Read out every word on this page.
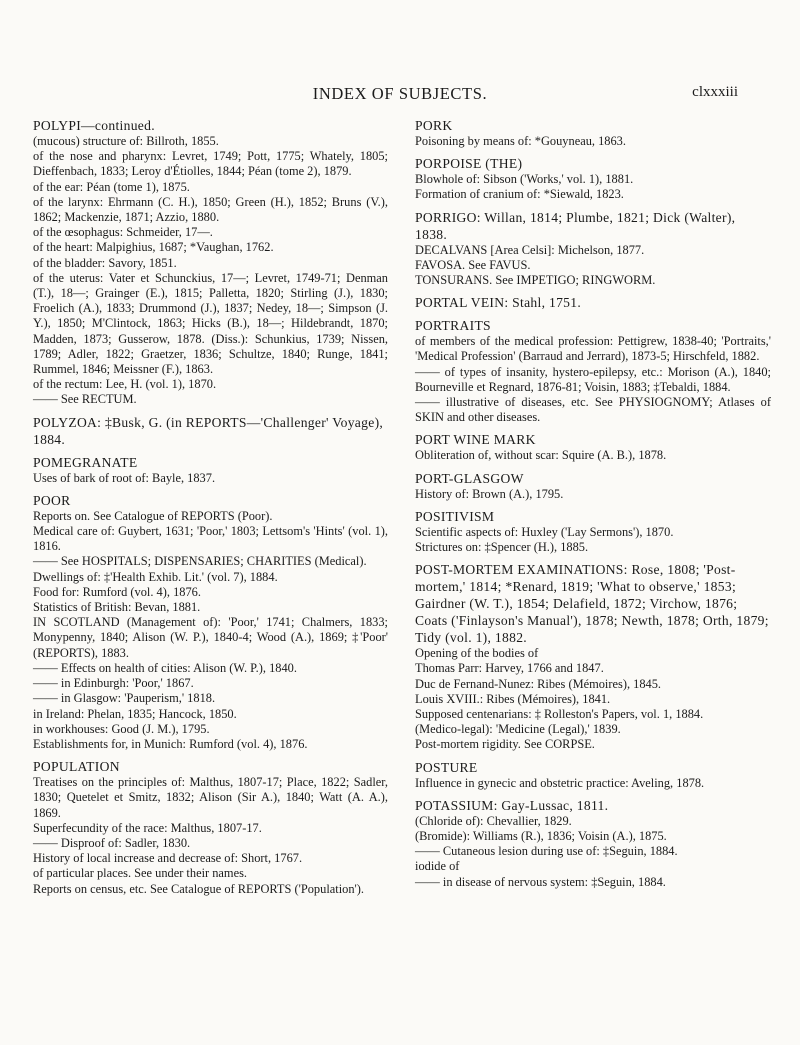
INDEX OF SUBJECTS.	clxxxiii
POLYPI—continued.
(mucous) structure of: Billroth, 1855.
of the nose and pharynx: Levret, 1749; Pott, 1775; Whately, 1805; Dieffenbach, 1833; Leroy d'Étiolles, 1844; Péan (tome 2), 1879.
of the ear: Péan (tome 1), 1875.
of the larynx: Ehrmann (C. H.), 1850; Green (H.), 1852; Bruns (V.), 1862; Mackenzie, 1871; Azzio, 1880.
of the œsophagus: Schmeider, 17—.
of the heart: Malpighius, 1687; *Vaughan, 1762.
of the bladder: Savory, 1851.
of the uterus: Vater et Schunckius, 17—; Levret, 1749-71; Denman (T.), 18—; Grainger (E.), 1815; Palletta, 1820; Stirling (J.), 1830; Froelich (A.), 1833; Drummond (J.), 1837; Nedey, 18—; Simpson (J. Y.), 1850; M'Clintock, 1863; Hicks (B.), 18—; Hildebrandt, 1870; Madden, 1873; Gusserow, 1878. (Diss.): Schunkius, 1739; Nissen, 1789; Adler, 1822; Graetzer, 1836; Schultze, 1840; Runge, 1841; Rummel, 1846; Meissner (F.), 1863.
of the rectum: Lee, H. (vol. 1), 1870.
—— See RECTUM.
POLYZOA: ‡Busk, G. (in REPORTS—'Challenger' Voyage), 1884.
POMEGRANATE
Uses of bark of root of: Bayle, 1837.
POOR
Reports on. See Catalogue of REPORTS (Poor).
Medical care of: Guybert, 1631; 'Poor,' 1803; Lettsom's 'Hints' (vol. 1), 1816.
—— See HOSPITALS; DISPENSARIES; CHARITIES (Medical).
Dwellings of: ‡'Health Exhib. Lit.' (vol. 7), 1884.
Food for: Rumford (vol. 4), 1876.
Statistics of British: Bevan, 1881.
IN SCOTLAND (Management of): 'Poor,' 1741; Chalmers, 1833; Monypenny, 1840; Alison (W. P.), 1840-4; Wood (A.), 1869; ‡'Poor' (REPORTS), 1883.
—— Effects on health of cities: Alison (W. P.), 1840.
—— in Edinburgh: 'Poor,' 1867.
—— in Glasgow: 'Pauperism,' 1818.
in Ireland: Phelan, 1835; Hancock, 1850.
in workhouses: Good (J. M.), 1795.
Establishments for, in Munich: Rumford (vol. 4), 1876.
POPULATION
Treatises on the principles of: Malthus, 1807-17; Place, 1822; Sadler, 1830; Quetelet et Smitz, 1832; Alison (Sir A.), 1840; Watt (A. A.), 1869.
Superfecundity of the race: Malthus, 1807-17.
—— Disproof of: Sadler, 1830.
History of local increase and decrease of: Short, 1767.
of particular places. See under their names.
Reports on census, etc. See Catalogue of REPORTS ('Population').
PORK
Poisoning by means of: *Gouyneau, 1863.
PORPOISE (THE)
Blowhole of: Sibson ('Works,' vol. 1), 1881.
Formation of cranium of: *Siewald, 1823.
PORRIGO: Willan, 1814; Plumbe, 1821; Dick (Walter), 1838.
DECALVANS [Area Celsi]: Michelson, 1877.
FAVOSA. See FAVUS.
TONSURANS. See IMPETIGO; RINGWORM.
PORTAL VEIN: Stahl, 1751.
PORTRAITS
of members of the medical profession: Pettigrew, 1838-40; 'Portraits,' 'Medical Profession' (Barraud and Jerrard), 1873-5; Hirschfeld, 1882.
—— of types of insanity, hystero-epilepsy, etc.: Morison (A.), 1840; Bourneville et Regnard, 1876-81; Voisin, 1883; ‡Tebaldi, 1884.
—— illustrative of diseases, etc. See PHYSIOGNOMY; Atlases of SKIN and other diseases.
PORT WINE MARK
Obliteration of, without scar: Squire (A. B.), 1878.
PORT-GLASGOW
History of: Brown (A.), 1795.
POSITIVISM
Scientific aspects of: Huxley ('Lay Sermons'), 1870.
Strictures on: ‡Spencer (H.), 1885.
POST-MORTEM EXAMINATIONS: Rose, 1808; 'Post-mortem,' 1814; *Renard, 1819; 'What to observe,' 1853; Gairdner (W. T.), 1854; Delafield, 1872; Virchow, 1876; Coats ('Finlayson's Manual'), 1878; Newth, 1878; Orth, 1879; Tidy (vol. 1), 1882.
Opening of the bodies of
Thomas Parr: Harvey, 1766 and 1847.
Duc de Fernand-Nunez: Ribes (Mémoires), 1845.
Louis XVIII.: Ribes (Mémoires), 1841.
Supposed centenarians: ‡ Rolleston's Papers, vol. 1, 1884.
(Medico-legal): 'Medicine (Legal),' 1839.
Post-mortem rigidity. See CORPSE.
POSTURE
Influence in gynecic and obstetric practice: Aveling, 1878.
POTASSIUM: Gay-Lussac, 1811.
(Chloride of): Chevallier, 1829.
(Bromide): Williams (R.), 1836; Voisin (A.), 1875.
—— Cutaneous lesion during use of: ‡Seguin, 1884.
iodide of
—— in disease of nervous system: ‡Seguin, 1884.
